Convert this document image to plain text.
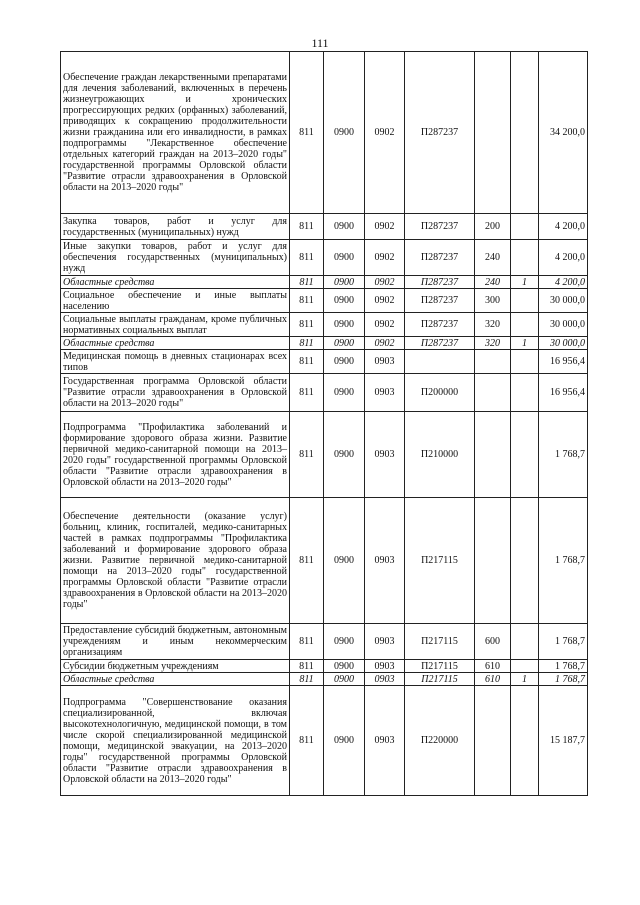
111
Обеспечение граждан лекарственными препаратами для лечения заболеваний, включенных в перечень жизнеугрожающих и хронических прогрессирующих редких (орфанных) заболеваний, приводящих к сокращению продолжительности жизни гражданина или его инвалидности, в рамках подпрограммы "Лекарственное обеспечение отдельных категорий граждан на 2013–2020 годы" государственной программы Орловской области "Развитие отрасли здравоохранения в Орловской области на 2013–2020 годы"	811	0900	0902	П287237			34 200,0
Закупка товаров, работ и услуг для государственных (муниципальных) нужд	811	0900	0902	П287237	200		4 200,0
Иные закупки товаров, работ и услуг для обеспечения государственных (муниципальных) нужд	811	0900	0902	П287237	240		4 200,0
Областные средства	811	0900	0902	П287237	240	1	4 200,0
Социальное обеспечение и иные выплаты населению	811	0900	0902	П287237	300		30 000,0
Социальные выплаты гражданам, кроме публичных нормативных социальных выплат	811	0900	0902	П287237	320		30 000,0
Областные средства	811	0900	0902	П287237	320	1	30 000,0
Медицинская помощь в дневных стационарах всех типов	811	0900	0903				16 956,4
Государственная программа Орловской области "Развитие отрасли здравоохранения в Орловской области на 2013–2020 годы"	811	0900	0903	П200000			16 956,4
Подпрограмма "Профилактика заболеваний и формирование здорового образа жизни. Развитие первичной медико-санитарной помощи на 2013–2020 годы" государственной программы Орловской области "Развитие отрасли здравоохранения в Орловской области на 2013–2020 годы"	811	0900	0903	П210000			1 768,7
Обеспечение деятельности (оказание услуг) больниц, клиник, госпиталей, медико-санитарных частей в рамках подпрограммы "Профилактика заболеваний и формирование здорового образа жизни. Развитие первичной медико-санитарной помощи на 2013–2020 годы" государственной программы Орловской области "Развитие отрасли здравоохранения в Орловской области на 2013–2020 годы"	811	0900	0903	П217115			1 768,7
Предоставление субсидий бюджетным, автономным учреждениям и иным некоммерческим организациям	811	0900	0903	П217115	600		1 768,7
Субсидии бюджетным учреждениям	811	0900	0903	П217115	610		1 768,7
Областные средства	811	0900	0903	П217115	610	1	1 768,7
Подпрограмма "Совершенствование оказания специализированной, включая высокотехнологичную, медицинской помощи, в том числе скорой специализированной медицинской помощи, медицинской эвакуации, на 2013–2020 годы" государственной программы Орловской области "Развитие отрасли здравоохранения в Орловской области на 2013–2020 годы"	811	0900	0903	П220000			15 187,7
